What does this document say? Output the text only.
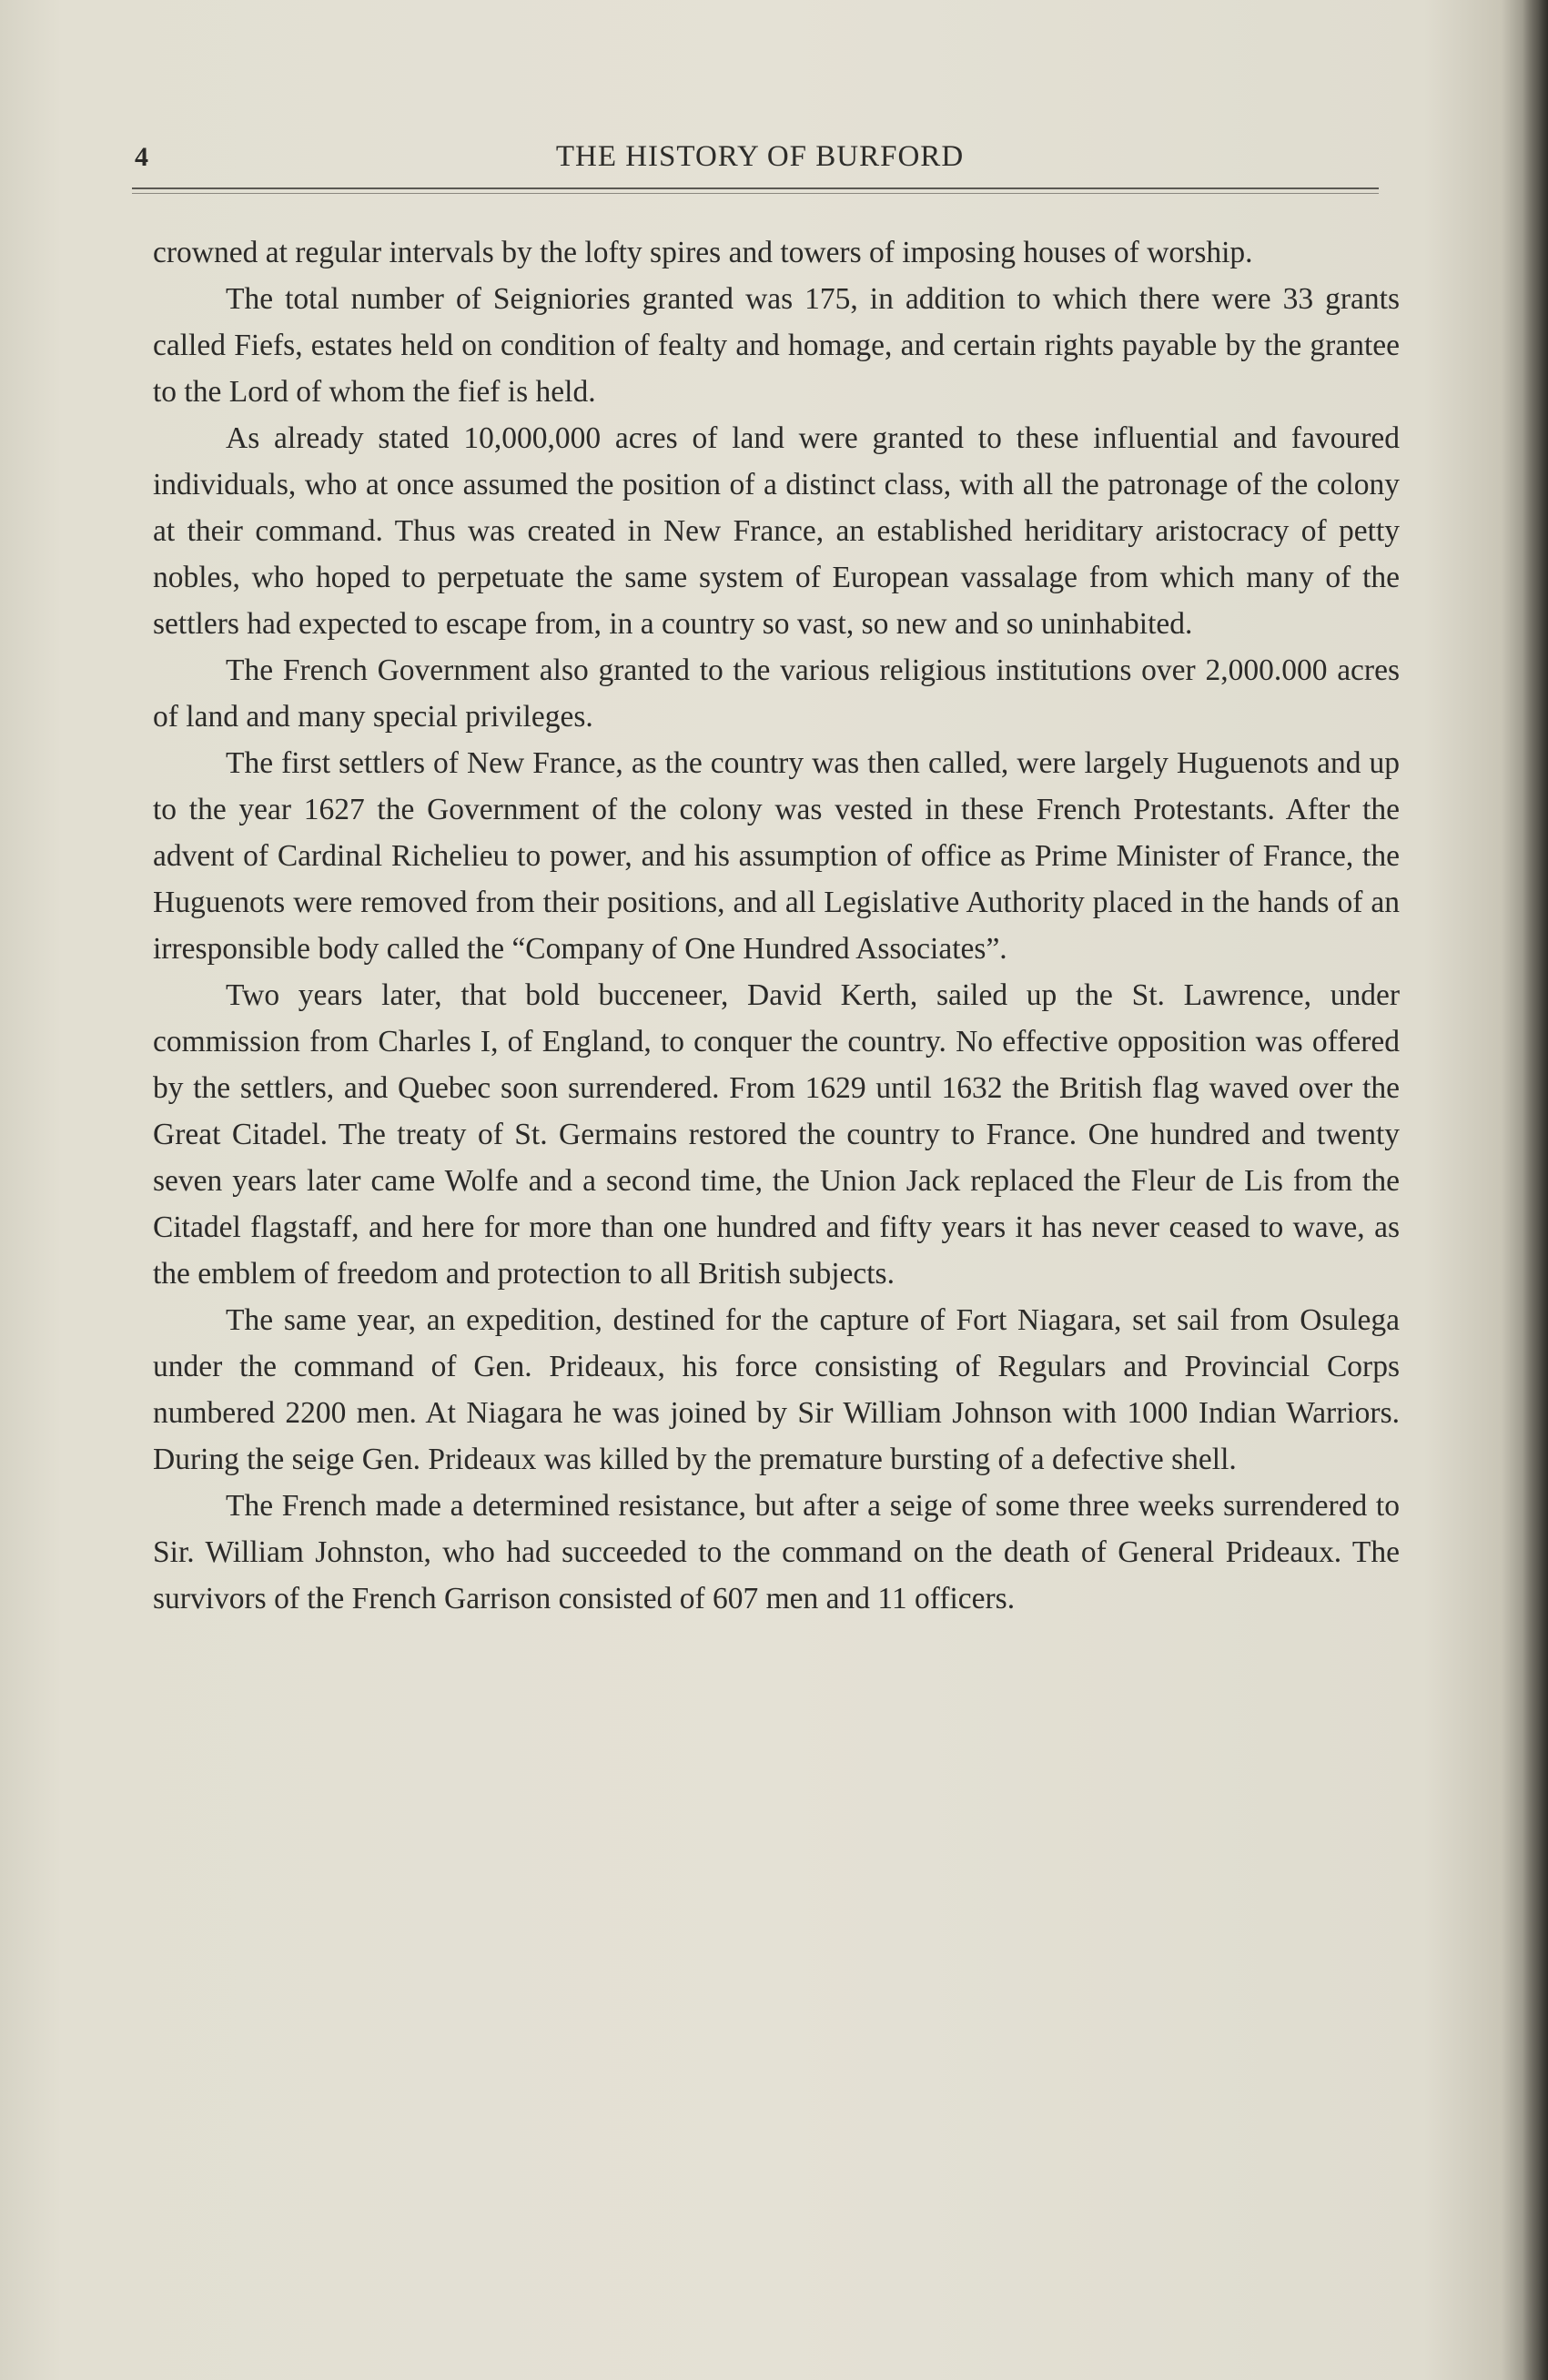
4	THE HISTORY OF BURFORD

crowned at regular intervals by the lofty spires and towers of imposing houses of worship.

The total number of Seigniories granted was 175, in addition to which there were 33 grants called Fiefs, estates held on condition of fealty and homage, and certain rights payable by the grantee to the Lord of whom the fief is held.

As already stated 10,000,000 acres of land were granted to these influential and favoured individuals, who at once assumed the position of a distinct class, with all the patronage of the colony at their command. Thus was created in New France, an established heriditary aristocracy of petty nobles, who hoped to perpetuate the same system of European vassalage from which many of the settlers had expected to escape from, in a country so vast, so new and so uninhabited.

The French Government also granted to the various religious institutions over 2,000.000 acres of land and many special privileges.

The first settlers of New France, as the country was then called, were largely Huguenots and up to the year 1627 the Government of the colony was vested in these French Protestants. After the advent of Cardinal Richelieu to power, and his assumption of office as Prime Minister of France, the Huguenots were removed from their positions, and all Legislative Authority placed in the hands of an irresponsible body called the “Company of One Hundred Associates”.

Two years later, that bold bucceneer, David Kerth, sailed up the St. Lawrence, under commission from Charles I, of England, to conquer the country. No effective opposition was offered by the settlers, and Quebec soon surrendered. From 1629 until 1632 the British flag waved over the Great Citadel. The treaty of St. Germains restored the country to France. One hundred and twenty seven years later came Wolfe and a second time, the Union Jack replaced the Fleur de Lis from the Citadel flagstaff, and here for more than one hundred and fifty years it has never ceased to wave, as the emblem of freedom and protection to all British subjects.

The same year, an expedition, destined for the capture of Fort Niagara, set sail from Osulega under the command of Gen. Prideaux, his force consisting of Regulars and Provincial Corps numbered 2200 men. At Niagara he was joined by Sir William Johnson with 1000 Indian Warriors. During the seige Gen. Prideaux was killed by the premature bursting of a defective shell.

The French made a determined resistance, but after a seige of some three weeks surrendered to Sir. William Johnston, who had succeeded to the command on the death of General Prideaux. The survivors of the French Garrison consisted of 607 men and 11 officers.
